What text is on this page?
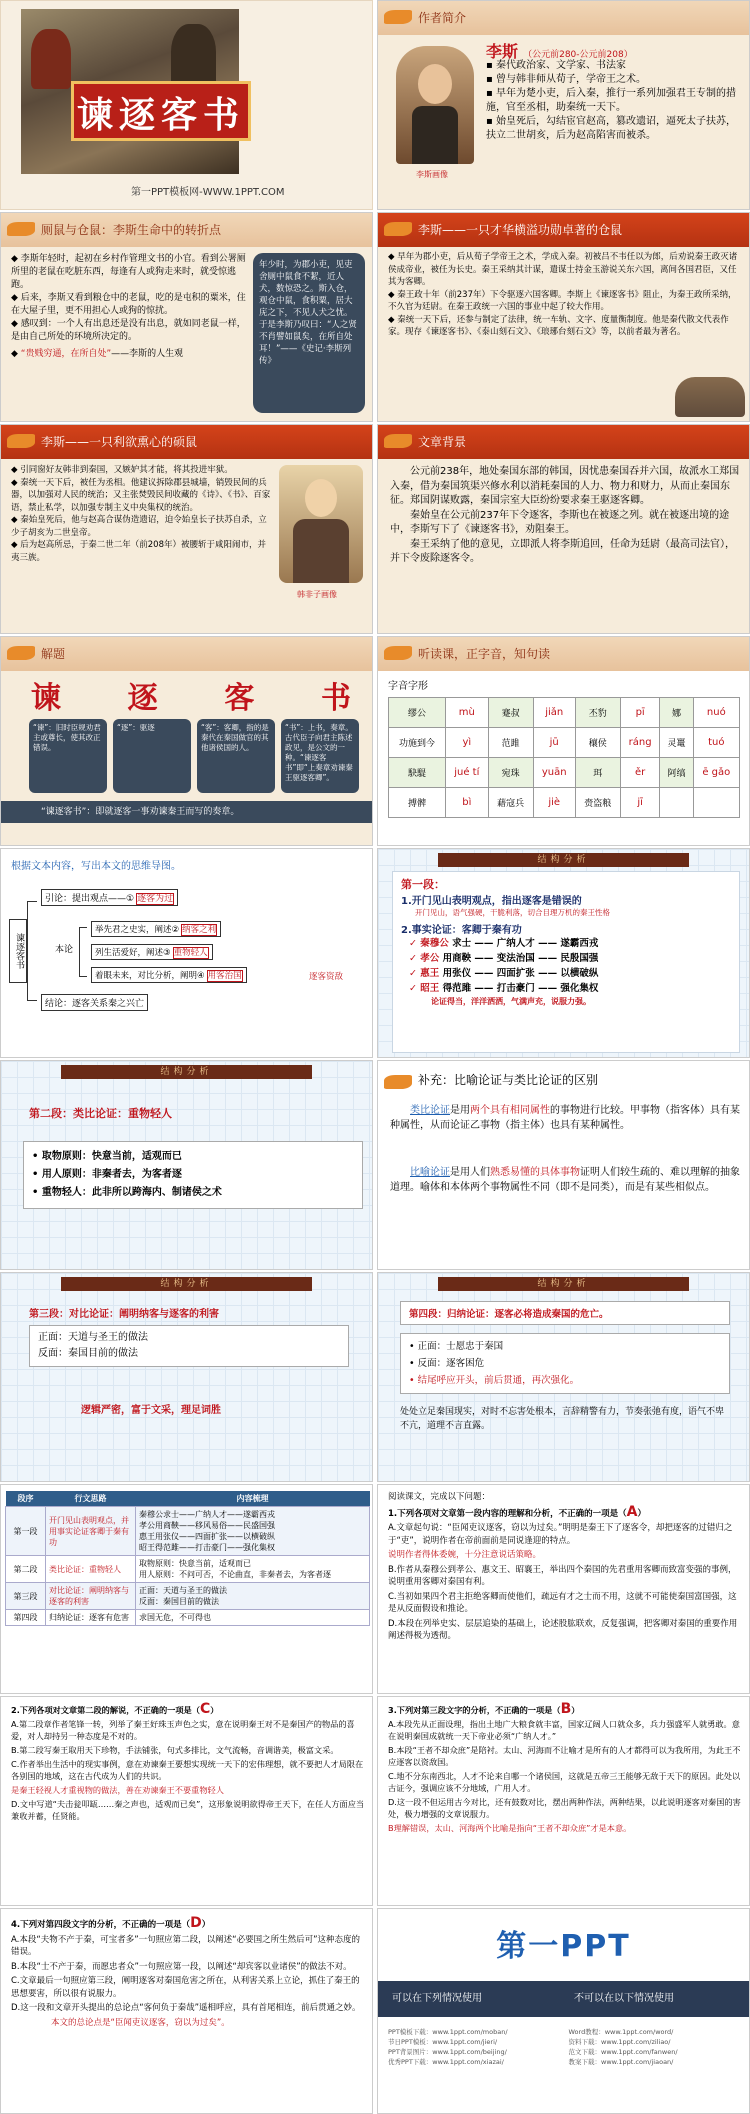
谏逐客书
第一PPT模板网-WWW.1PPT.COM
作者简介
李斯画像
李斯 （公元前280-公元前208）
▪ 秦代政治家、文学家、书法家
▪ 曾与韩非师从荀子，学帝王之术。
▪ 早年为楚小吏，后入秦，推行一系列加强君王专制的措施，官至丞相，助秦统一天下。
▪ 始皇死后，勾结宦官赵高，篡改遗诏，逼死太子扶苏，扶立二世胡亥，后为赵高陷害而被杀。
厕鼠与仓鼠：李斯生命中的转折点
◆ 李斯年轻时，起初在乡村作管理文书的小官。看到公署厕所里的老鼠在吃脏东西，每逢有人或狗走来时，就受惊逃跑。
◆ 后来，李斯又看到粮仓中的老鼠，吃的是屯积的粟米，住在大屋子里，更不用担心人或狗的惊扰。
◆ 感叹到：一个人有出息还是没有出息，就如同老鼠一样，是由自己所处的环境所决定的。
◆ “贵贱穷通，在所自处”——李斯的人生观
年少时，为郡小吏，见吏舍厕中鼠食不絜，近人犬，数惊恐之。斯入仓，观仓中鼠，食积粟，居大庑之下，不见人犬之忧。于是李斯乃叹曰：“人之贤不肖譬如鼠矣，在所自处耳！”——《史记·李斯列传》
李斯——一只才华横溢功勋卓著的仓鼠
◆ 早年为郡小吏，后从荀子学帝王之术，学成入秦。初被吕不韦任以为郎，后劝说秦王政灭诸侯成帝业，被任为长史。秦王采纳其计谋，遣谋士持金玉游说关东六国，离间各国君臣，又任其为客卿。
◆ 秦王政十年（前237年）下令驱逐六国客卿。李斯上《谏逐客书》阻止，为秦王政所采纳，不久官为廷尉。在秦王政统一六国的事业中起了较大作用。
◆ 秦统一天下后，还参与制定了法律，统一车轨、文字、度量衡制度。他是秦代散文代表作家。现存《谏逐客书》、《泰山刻石文》、《琅琊台刻石文》等，以前者最为著名。
李斯——一只利欲熏心的硕鼠
◆ 引同窗好友韩非到秦国，又嫉妒其才能，将其投进牢狱。
◆ 秦统一天下后，被任为丞相。他建议拆除郡县城墙，销毁民间的兵器，以加强对人民的统治；又主张焚毁民间收藏的《诗》、《书》、百家语，禁止私学，以加强专制主义中央集权的统治。
◆ 秦始皇死后，他与赵高合谋伪造遗诏，迫令始皇长子扶苏自杀，立少子胡亥为二世皇帝。
◆ 后为赵高所忌，于秦二世二年（前208年）被腰斩于咸阳闹市，并夷三族。
韩非子画像
文章背景

公元前238年，地处秦国东部的韩国，因忧患秦国吞并六国，故派水工郑国入秦，借为秦国筑渠兴修水利以消耗秦国的人力、物力和财力，从而止秦国东征。郑国阴谋败露，秦国宗室大臣纷纷要求秦王驱逐客卿。

秦始皇在公元前237年下令逐客，李斯也在被逐之列。就在被逐出境的途中，李斯写下了《谏逐客书》，劝阻秦王。

秦王采纳了他的意见，立即派人将李斯追回，任命为廷尉（最高司法官），并下令废除逐客令。

解题
谏 逐 客 书
“谏”：旧时臣规劝君主或尊长，使其改正错误。
“逐”：驱逐	“客”：客卿，指的是秦代在秦国做官的其他诸侯国的人。
“书”：上书，奏章。古代臣子向君主陈述政见，是公文的一种。“谏逐客书”即“上奏章劝谏秦王驱逐客卿”。
“谏逐客书”：即就逐客一事劝谏秦王而写的奏章。
听读课，正字音，知句读
字音字形
缪公	mù	蹇叔	jiǎn	丕豹	pī	娜	nuó
功施到今	yì	范雎	jū	穰侯	ráng	灵鼍	tuó
駃騠	jué tí	宛珠	yuān	珥	ěr	阿缟	ē gǎo
搏髀	bì	藉寇兵	jiè	赍盗粮	jī		
根据文本内容，写出本文的思维导图。
谏逐客书
引论：提出观点——① 逐客为过
本论
举先君之史实，阐述② 纳客之利
列生活爱好，阐述③ 重物轻人
着眼未来，对比分析，阐明④ 用客治国	逐客资敌
结论：逐客关系秦之兴亡
结构分析
第一段：
1.开门见山表明观点，指出逐客是错误的
开门见山，语气强硬，干脆利落，切合目理万机的秦王性格
2.事实论证：客卿于秦有功
✓ 秦穆公 求士 —— 广纳人才 —— 遂霸西戎
✓ 孝公 用商鞅 —— 变法治国 —— 民殷国强
✓ 惠王 用张仪 —— 四面扩张 —— 以横破纵
✓ 昭王 得范雎 —— 打击豪门 —— 强化集权
论证得当，洋洋洒洒，气满声充，说服力强。
结构分析
第二段：类比论证：重物轻人
• 取物原则：快意当前，适观而已
• 用人原则：非秦者去，为客者逐
• 重物轻人：此非所以跨海内、制诸侯之术
补充：比喻论证与类比论证的区别

类比论证是用两个具有相同属性的事物进行比较。甲事物（指客体）具有某种属性，从而论证乙事物（指主体）也具有某种属性。

比喻论证是用人们熟悉易懂的具体事物证明人们较生疏的、难以理解的抽象道理。喻体和本体两个事物属性不同（即不是同类），而是有某些相似点。

结构分析
第三段：对比论证：阐明纳客与逐客的利害
正面：天道与圣王的做法
反面：秦国目前的做法
逻辑严密，富于文采，理足词胜
结构分析
第四段：归纳论证：逐客必将造成秦国的危亡。
• 正面：士愿忠于秦国
• 反面：逐客困危
• 结尾呼应开头，前后贯通，再次强化。
处处立足秦国现实，对时不忘害处根本，言辞精警有力，节奏张弛有度，语气不卑不亢，道理不言直露。
段序	行文思路	内容梳理
第一段	开门见山表明观点，并用事实论证客卿于秦有功	秦穆公求士——广纳人才——遂霸西戎
孝公用商鞅——移风易俗——民盛国强
惠王用张仪——四面扩张——以横破纵
昭王得范雎——打击豪门——强化集权
第二段	类比论证：重物轻人	取物原则：快意当前，适观而已
用人原则：不问可否，不论曲直，非秦者去，为客者逐
第三段	对比论证：阐明纳客与逐客的利害	正面：天道与圣王的做法
反面：秦国目前的做法
第四段	归纳论证：逐客有危害	求国无危，不可得也

阅读课文，完成以下问题：

1.下列各项对文章第一段内容的理解和分析，不正确的一项是（A）

A.文章起句说：“臣闻吏议逐客，窃以为过矣。”明明是秦王下了逐客令，却把逐客的过错归之于“吏”，说明作者在帝前面前是同说逢迎的特点。

说明作者得体委婉，十分注意说话策略。

B.作者从秦穆公到孝公、惠文王、昭襄王，举出四个秦国的先君重用客卿而致富变强的事例，说明重用客卿对秦国有利。

C.当初如果四个君主拒绝客卿而使他们，疏远有才之士而不用，这就不可能使秦国富国强，这是从反面假设和推论。

D.本段在列举史实、层层追染的基础上，论述股肱联欢，反复强调，把客卿对秦国的重要作用阐述得极为透彻。

2.下列各项对文章第二段的解说，不正确的一项是（C）

A.第二段章作者笔锋一转，列举了秦王好珠玉声色之实，意在说明秦王对不是秦国产的物品的喜爱，对人却持另一种态度是不对的。

B.第二段写秦王取用天下珍物，手法铺张，句式多排比，文气流畅，音调谐美，极富文采。

C.作者举出生活中的现实事例，意在劝谏秦王要想实现统一天下的宏伟理想，就不要把人才局限在各别国的地域，这在古代成为人们的共识。

是秦王轻视人才重视物的做法，善在劝谏秦王不要重物轻人

D.文中写道“夫击瓮叩缻……秦之声也，适观而已矣”，这形象说明欲得帝王天下，在任人方面应当兼收并蓄，任贤能。

3.下列对第三段文字的分析，不正确的一项是（B）

A.本段先从正面设理，指出土地广大粮食就丰富，国家辽阔人口就众多，兵力强盛军人就勇敢。意在说明秦国成就统一天下帝业必须“广纳人才。”

B.本段“王者不却众庶”是陪衬。太山、河海而不让喻才是所有的人才都得可以为我所用，为此王不应逐客以资敌国。

C.地不分东南西北，人才不论来自哪一个诸侯国，这就是五帝三王能够无敌于天下的原因。此处以古证今，强调应该不分地域，广用人才。

D.这一段不但运用古今对比，还有鼓数对比，摆出两种作法，两种结果，以此说明逐客对秦国的害处，极力增强的文章说服力。

B理解错误，太山、河海两个比喻是指向“王者不却众庶”才是本意。

4.下列对第四段文字的分析，不正确的一项是（D）

A.本段“夫物不产于秦，可宝者多”一句照应第二段，以阐述“必要国之所生然后可”这种态度的错误。

B.本段“士不产于秦，而愿忠者众”一句照应第一段，以阐述“却宾客以业诸侯”的做法不对。

C.文章最后一句照应第三段，阐明逐客对秦国危害之所在，从利害关系上立论，抓住了秦王的思想要害，所以很有说服力。

D.这一段和文章开头提出的总论点“客何负于秦哉”遥相呼应，具有首尾相连，前后贯通之妙。

本文的总论点是“臣闻吏议逐客，窃以为过矣”。

第一PPT
可以在下列情况使用	不可以在以下情况使用
PPT模板下载：www.1ppt.com/moban/
节日PPT模板：www.1ppt.com/jieri/
PPT背景图片：www.1ppt.com/beijing/
优秀PPT下载：www.1ppt.com/xiazai/
Word教程：www.1ppt.com/word/
资料下载：www.1ppt.com/ziliao/
范文下载：www.1ppt.com/fanwen/
教案下载：www.1ppt.com/jiaoan/
